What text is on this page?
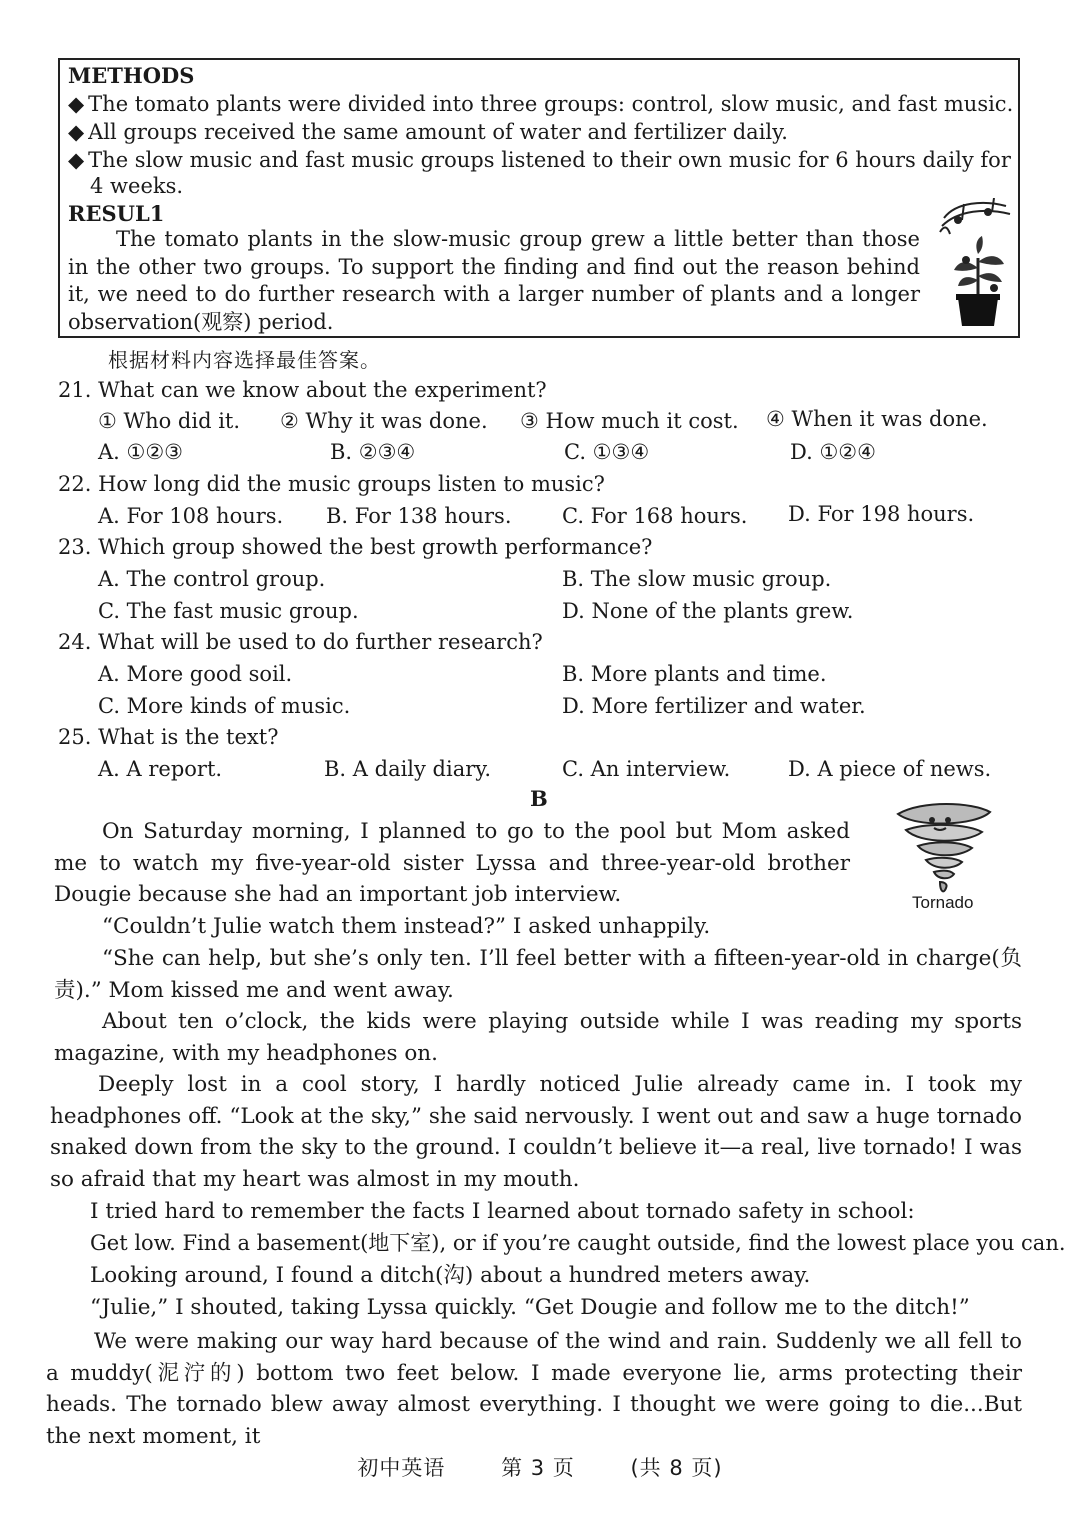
METHODS
◆ The tomato plants were divided into three groups: control, slow music, and fast music.
◆ All groups received the same amount of water and fertilizer daily.
◆ The slow music and fast music groups listened to their own music for 6 hours daily for
4 weeks.
RESUL1
The tomato plants in the slow-music group grew a little better than those in the other two groups. To support the finding and find out the reason behind it, we need to do further research with a larger number of plants and a longer observation(观察) period.
根据材料内容选择最佳答案。
21. What can we know about the experiment?
① Who did it. ② Why it was done. ③ How much it cost. ④ When it was done.
A. ①②③	B. ②③④	C. ①③④	D. ①②④
22. How long did the music groups listen to music?
A. For 108 hours. B. For 138 hours. C. For 168 hours. D. For 198 hours.
23. Which group showed the best growth performance?
A. The control group.	B. The slow music group.
C. The fast music group.	D. None of the plants grew.
24. What will be used to do further research?
A. More good soil.	B. More plants and time.
C. More kinds of music.	D. More fertilizer and water.
25. What is the text?
A. A report.	B. A daily diary.	C. An interview.	D. A piece of news.
B
Tornado
On Saturday morning, I planned to go to the pool but Mom asked me to watch my five-year-old sister Lyssa and three-year-old brother Dougie because she had an important job interview.
“Couldn’t Julie watch them instead?” I asked unhappily.
“She can help, but she’s only ten. I’ll feel better with a fifteen-year-old in charge(负责).” Mom kissed me and went away.
About ten o’clock, the kids were playing outside while I was reading my sports magazine, with my headphones on.
Deeply lost in a cool story, I hardly noticed Julie already came in. I took my headphones off. “Look at the sky,” she said nervously. I went out and saw a huge tornado snaked down from the sky to the ground. I couldn’t believe it—a real, live tornado! I was so afraid that my heart was almost in my mouth.
I tried hard to remember the facts I learned about tornado safety in school:
Get low. Find a basement(地下室), or if you’re caught outside, find the lowest place you can.
Looking around, I found a ditch(沟) about a hundred meters away.
“Julie,” I shouted, taking Lyssa quickly. “Get Dougie and follow me to the ditch!”
We were making our way hard because of the wind and rain. Suddenly we all fell to a muddy(泥泞的) bottom two feet below. I made everyone lie, arms protecting their heads. The tornado blew away almost everything. I thought we were going to die...But the next moment, it
初中英语	第 3 页	(共 8 页)
